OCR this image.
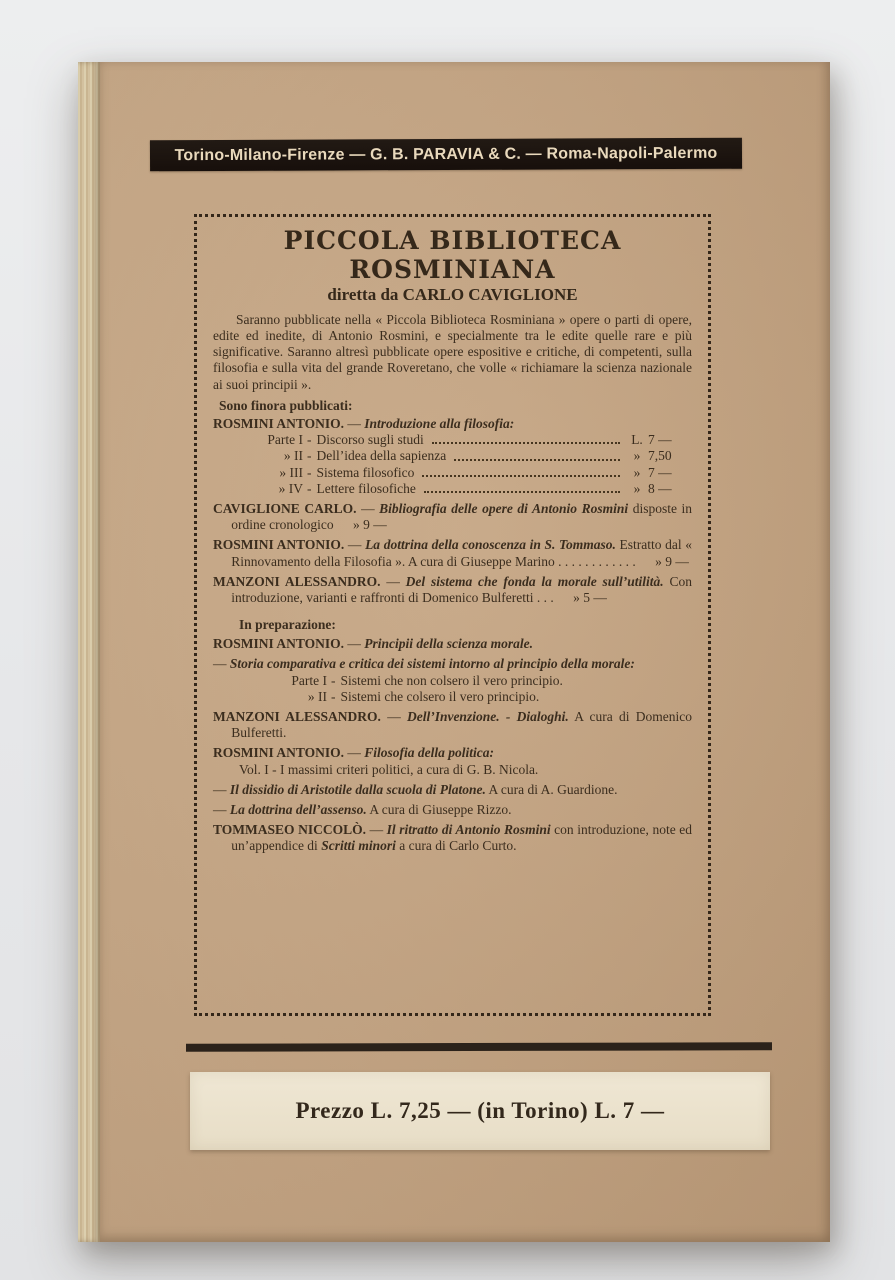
Torino-Milano-Firenze — G. B. PARAVIA & C. — Roma-Napoli-Palermo
PICCOLA BIBLIOTECA ROSMINIANA
diretta da CARLO CAVIGLIONE

Saranno pubblicate nella « Piccola Biblioteca Rosminiana » opere o parti di opere, edite ed inedite, di Antonio Rosmini, e specialmente tra le edite quelle rare e più significative. Saranno altresì pubblicate opere espositive e critiche, di competenti, sulla filosofia e sulla vita del grande Roveretano, che volle « richiamare la scienza nazionale ai suoi principii ».

Sono finora pubblicati:

ROSMINI ANTONIO. — Introduzione alla filosofia:

Parte I - Discorso sugli studi	L. 7 —
» II - Dell’idea della sapienza	» 7,50
» III - Sistema filosofico	» 7 —
» IV - Lettere filosofiche	» 8 —

CAVIGLIONE CARLO. — Bibliografia delle opere di Antonio Rosmini disposte in ordine cronologico » 9 —

ROSMINI ANTONIO. — La dottrina della conoscenza in S. Tommaso. Estratto dal « Rinnovamento della Filosofia ». A cura di Giuseppe Marino . . . . . . . . . . . . » 9 —

MANZONI ALESSANDRO. — Del sistema che fonda la morale sull’utilità. Con introduzione, varianti e raffronti di Domenico Bulferetti . . . » 5 —

In preparazione:

ROSMINI ANTONIO. — Principii della scienza morale.

— Storia comparativa e critica dei sistemi intorno al principio della morale:

Parte I - Sistemi che non colsero il vero principio.
» II - Sistemi che colsero il vero principio.

MANZONI ALESSANDRO. — Dell’Invenzione. - Dialoghi. A cura di Domenico Bulferetti.

ROSMINI ANTONIO. — Filosofia della politica:

Vol. I - I massimi criteri politici, a cura di G. B. Nicola.

— Il dissidio di Aristotile dalla scuola di Platone. A cura di A. Guardione.

— La dottrina dell’assenso. A cura di Giuseppe Rizzo.

TOMMASEO NICCOLÒ. — Il ritratto di Antonio Rosmini con introduzione, note ed un’appendice di Scritti minori a cura di Carlo Curto.

Prezzo L. 7,25 — (in Torino) L. 7 —
